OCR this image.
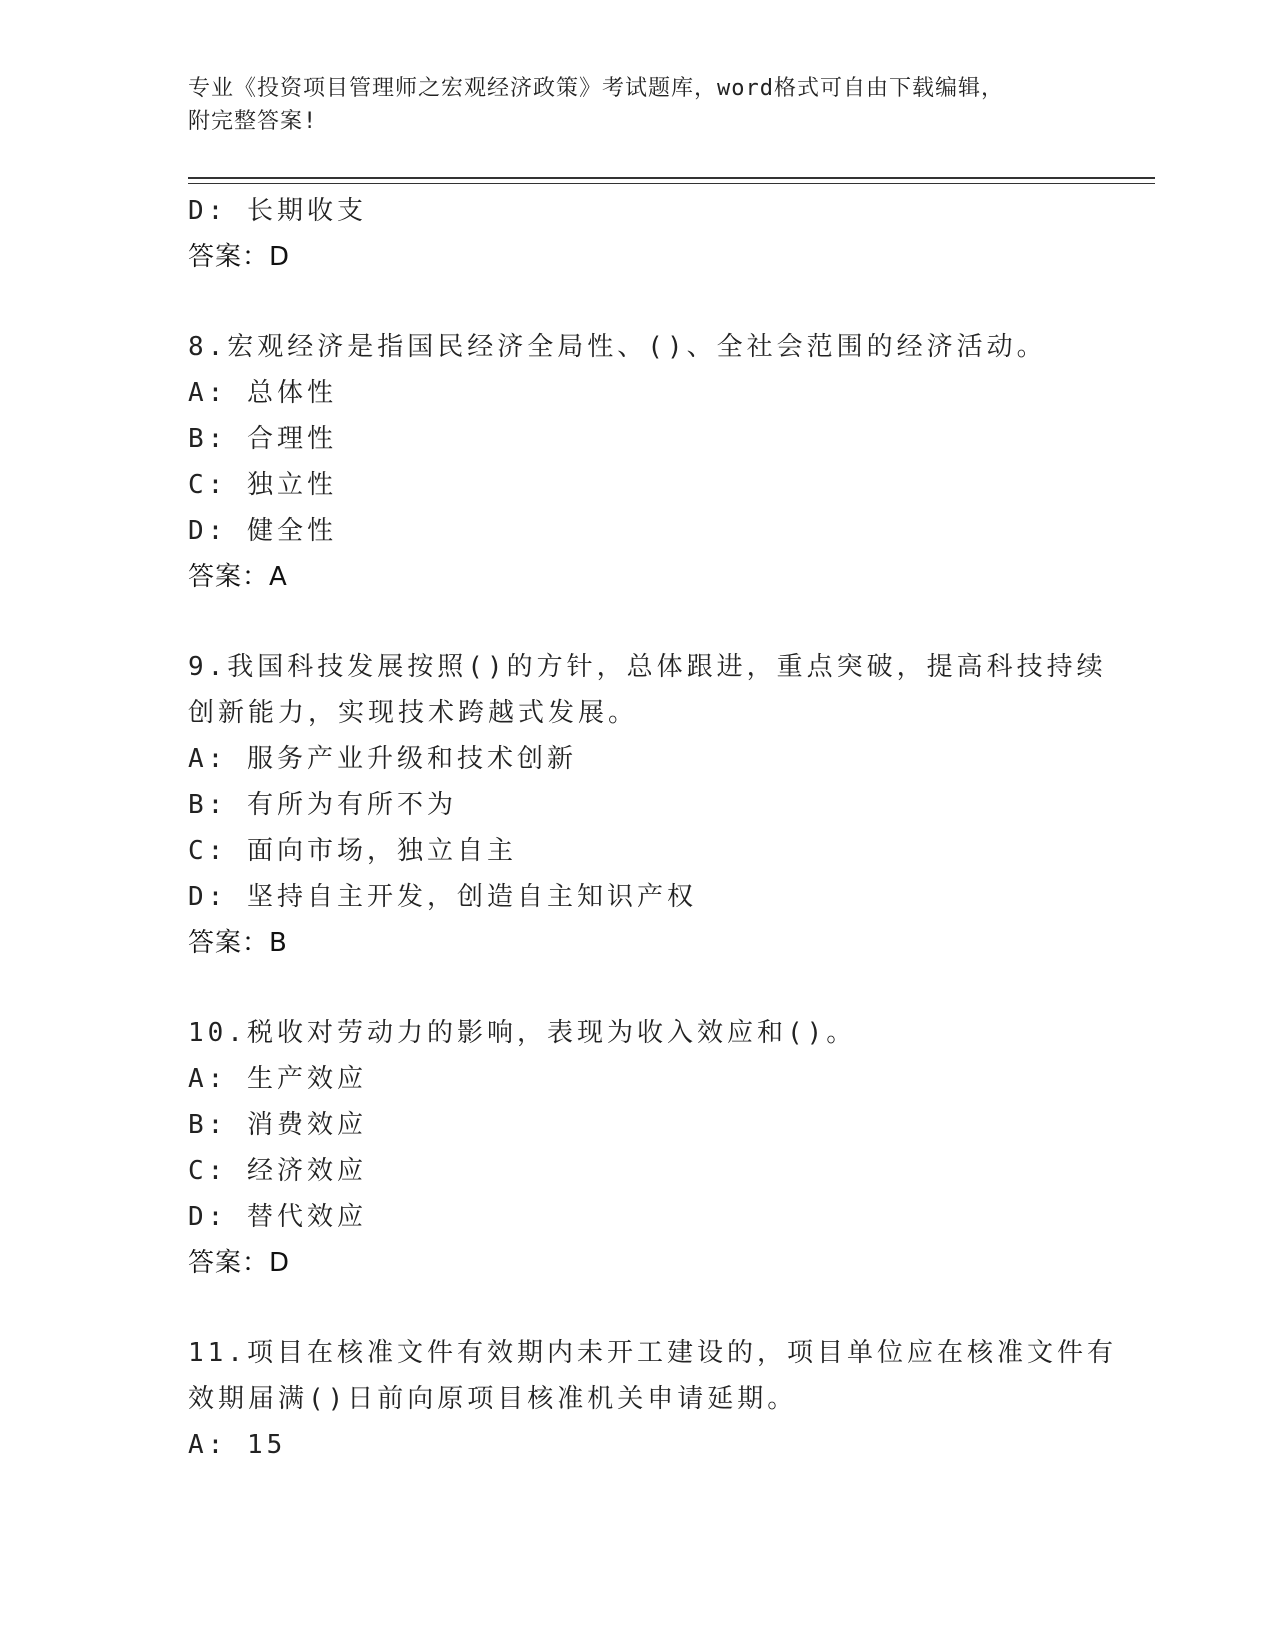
专业《投资项目管理师之宏观经济政策》考试题库，word格式可自由下载编辑，
附完整答案!
D: 长期收支
答案：D
8.宏观经济是指国民经济全局性、()、全社会范围的经济活动。
A: 总体性
B: 合理性
C: 独立性
D: 健全性
答案：A
9.我国科技发展按照()的方针，总体跟进，重点突破，提高科技持续
创新能力，实现技术跨越式发展。
A: 服务产业升级和技术创新
B: 有所为有所不为
C: 面向市场，独立自主
D: 坚持自主开发，创造自主知识产权
答案：B
10.税收对劳动力的影响，表现为收入效应和()。
A: 生产效应
B: 消费效应
C: 经济效应
D: 替代效应
答案：D
11.项目在核准文件有效期内未开工建设的，项目单位应在核准文件有
效期届满()日前向原项目核准机关申请延期。
A: 15
